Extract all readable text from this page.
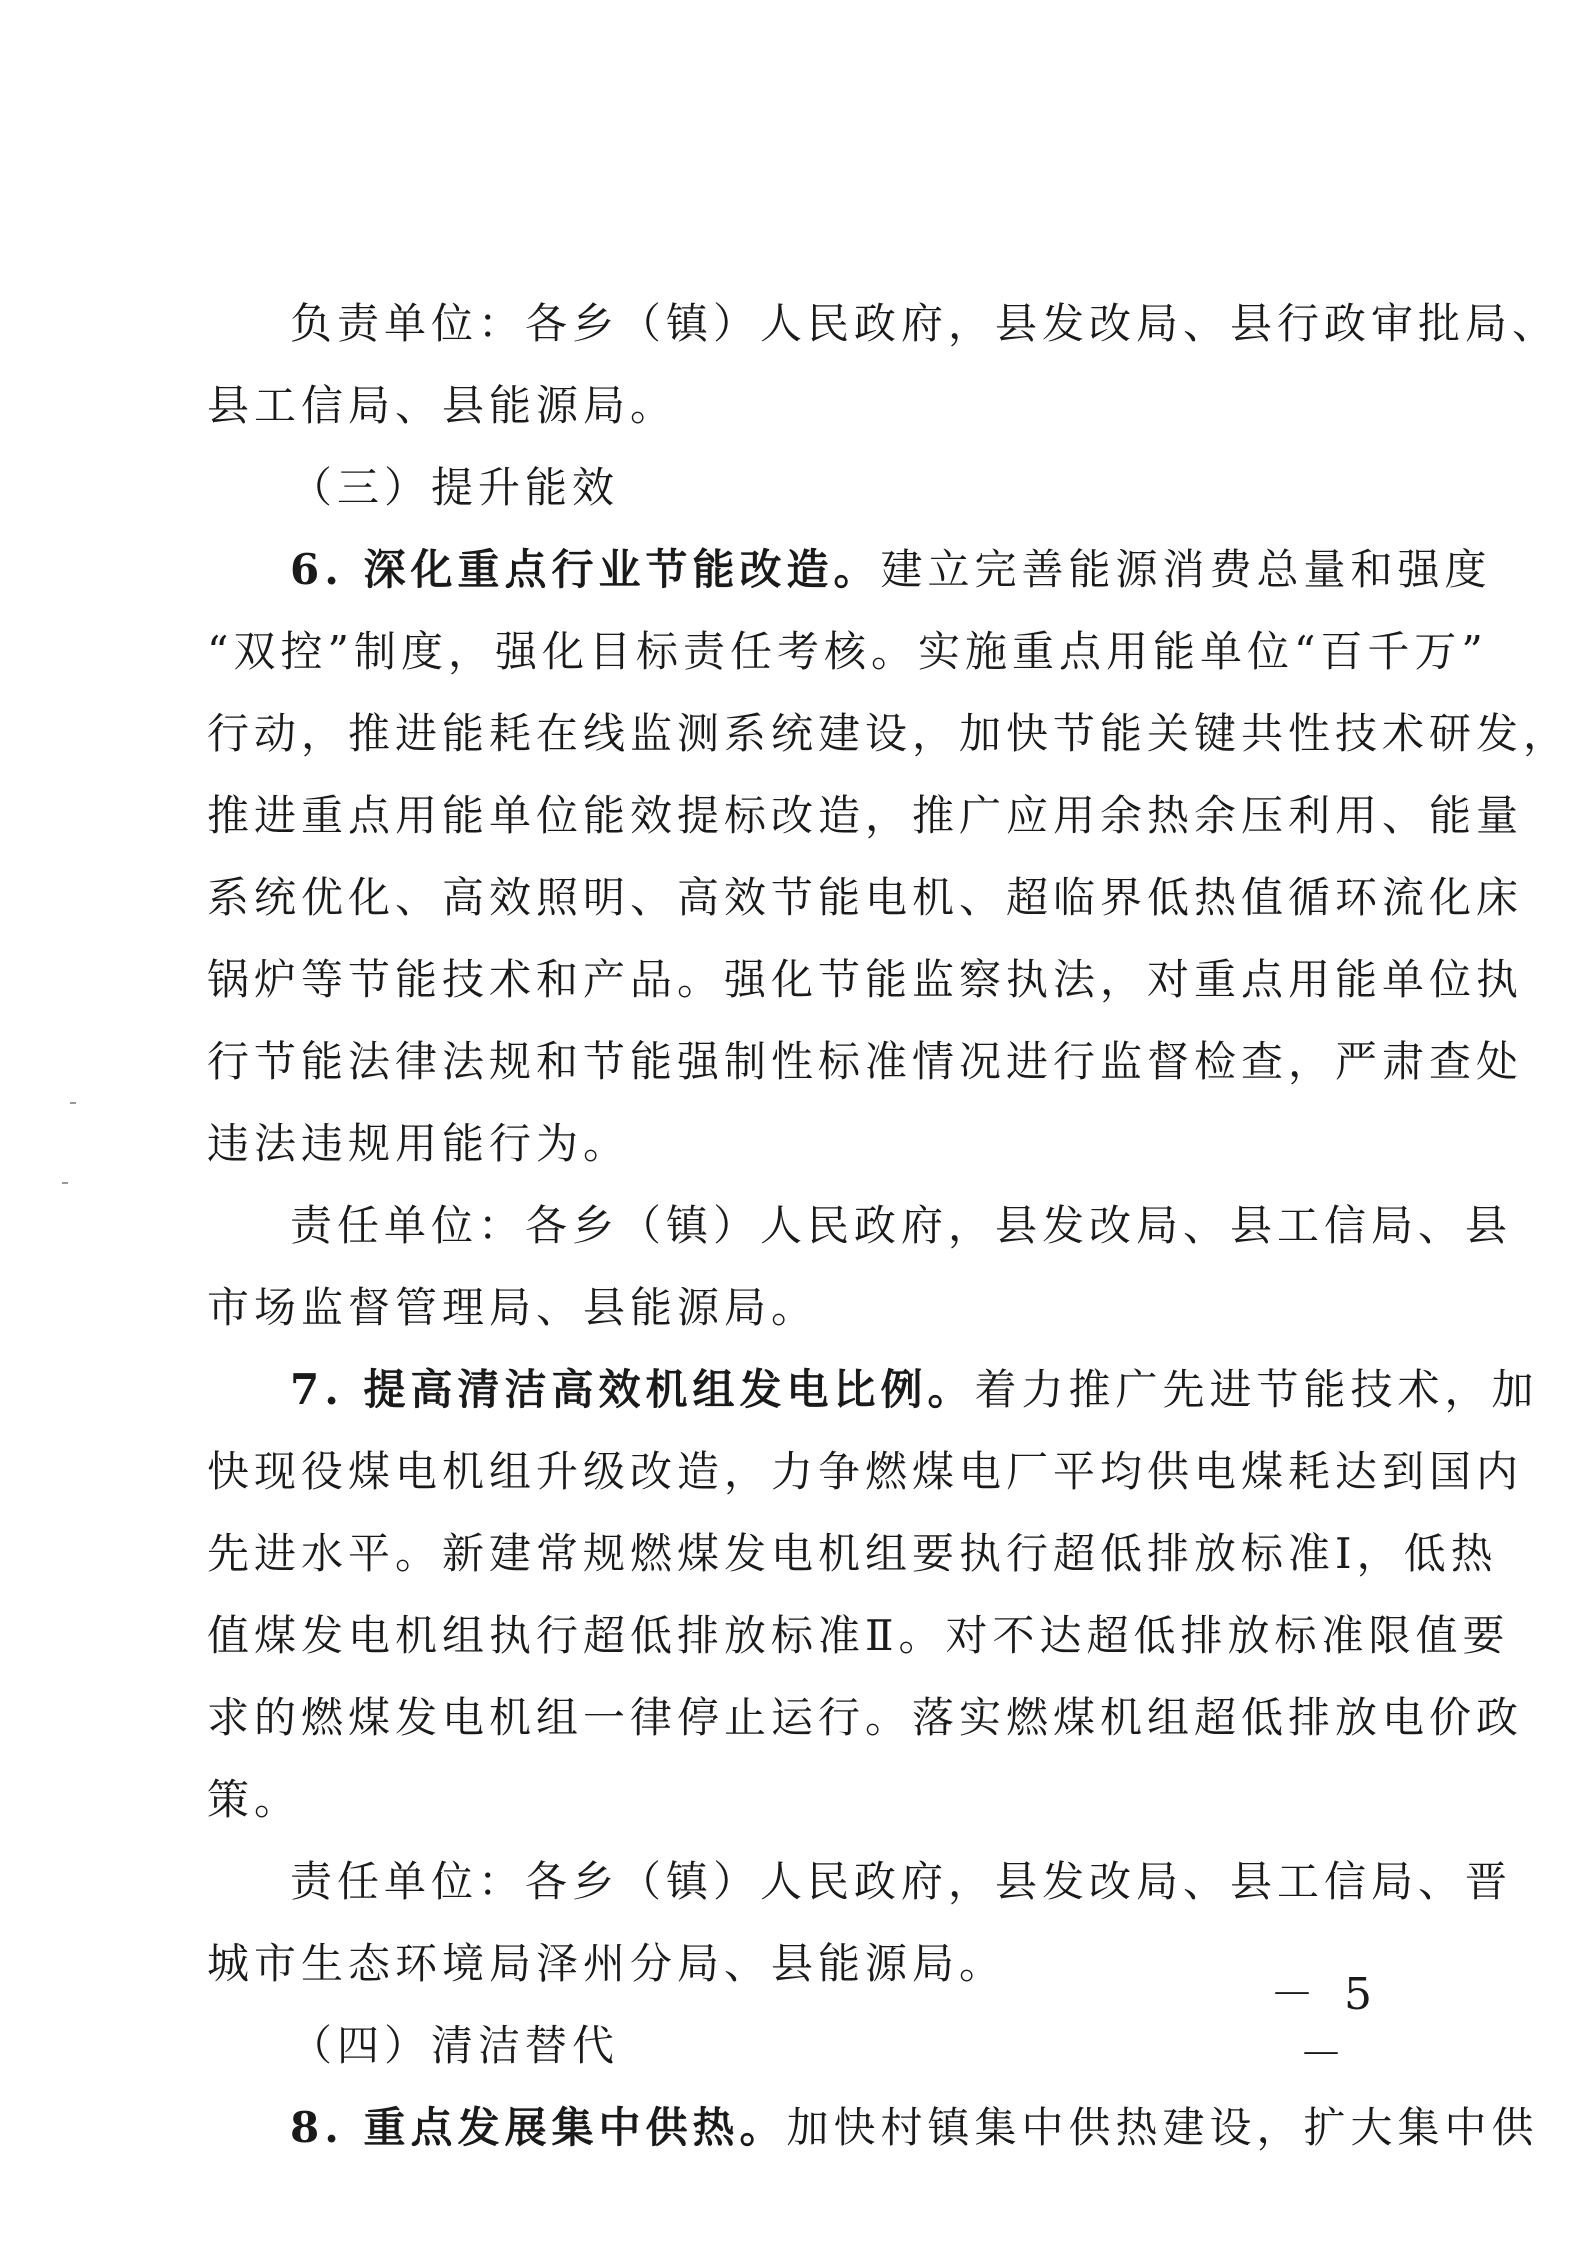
负责单位：各乡（镇）人民政府，县发改局、县行政审批局、
县工信局、县能源局。
（三）提升能效
6. 深化重点行业节能改造。建立完善能源消费总量和强度
“双控”制度，强化目标责任考核。实施重点用能单位“百千万”
行动，推进能耗在线监测系统建设，加快节能关键共性技术研发，
推进重点用能单位能效提标改造，推广应用余热余压利用、能量
系统优化、高效照明、高效节能电机、超临界低热值循环流化床
锅炉等节能技术和产品。强化节能监察执法，对重点用能单位执
行节能法律法规和节能强制性标准情况进行监督检查，严肃查处
违法违规用能行为。
责任单位：各乡（镇）人民政府，县发改局、县工信局、县
市场监督管理局、县能源局。
7. 提高清洁高效机组发电比例。着力推广先进节能技术，加
快现役煤电机组升级改造，力争燃煤电厂平均供电煤耗达到国内
先进水平。新建常规燃煤发电机组要执行超低排放标准Ⅰ，低热
值煤发电机组执行超低排放标准Ⅱ。对不达超低排放标准限值要
求的燃煤发电机组一律停止运行。落实燃煤机组超低排放电价政
策。
责任单位：各乡（镇）人民政府，县发改局、县工信局、晋
城市生态环境局泽州分局、县能源局。
（四）清洁替代
8. 重点发展集中供热。加快村镇集中供热建设，扩大集中供
－ 5 －
